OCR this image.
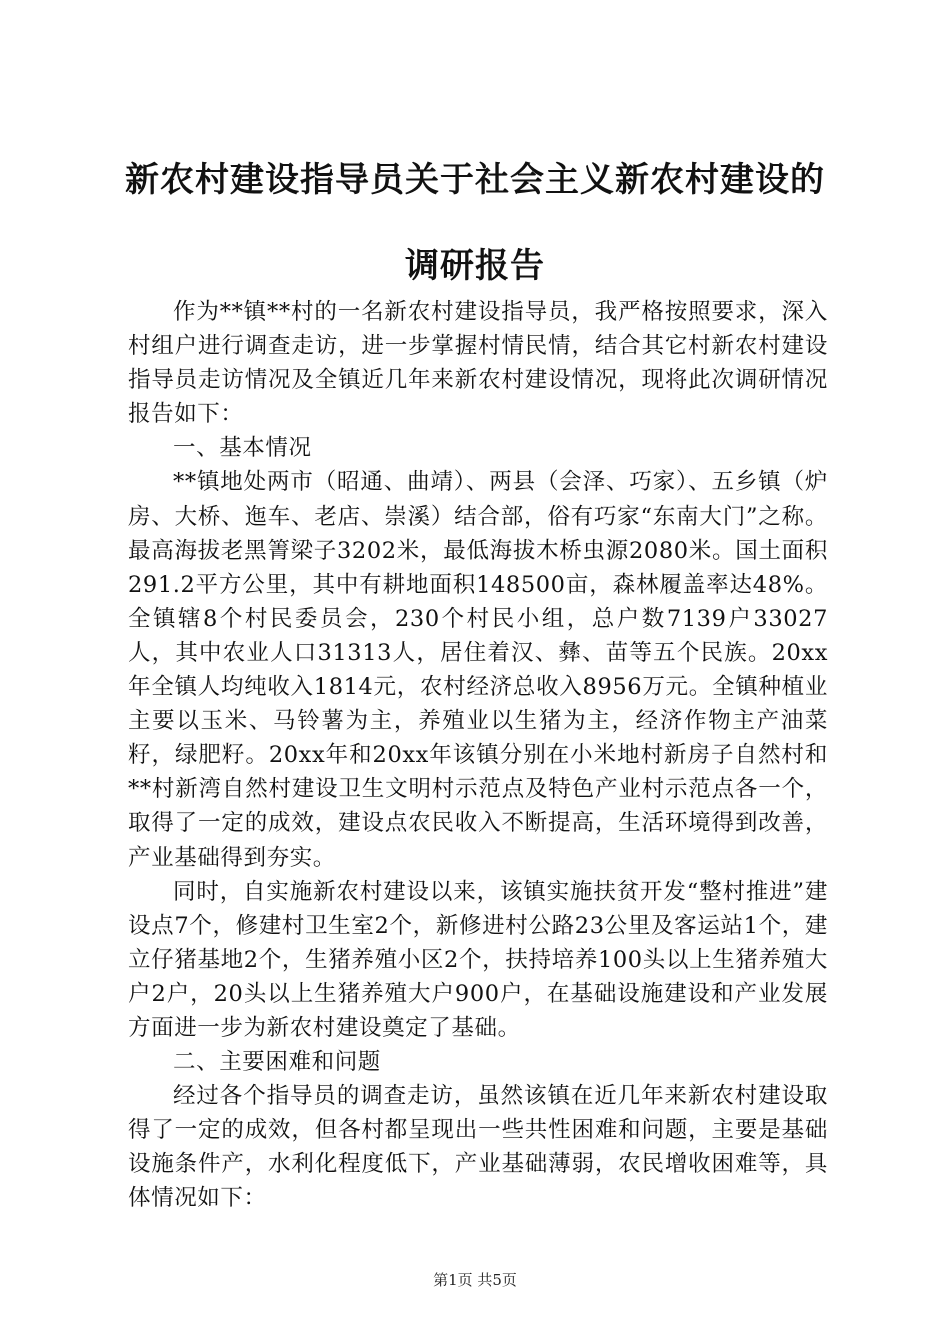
新农村建设指导员关于社会主义新农村建设的
调研报告

作为**镇**村的一名新农村建设指导员，我严格按照要求，深入村组户进行调查走访，进一步掌握村情民情，结合其它村新农村建设指导员走访情况及全镇近几年来新农村建设情况，现将此次调研情况报告如下：

一、基本情况

**镇地处两市（昭通、曲靖）、两县（会泽、巧家）、五乡镇（炉房、大桥、迤车、老店、崇溪）结合部，俗有巧家“东南大门”之称。最高海拔老黑箐梁子3202米，最低海拔木桥虫源2080米。国土面积291.2平方公里，其中有耕地面积148500亩，森林履盖率达48%。全镇辖8个村民委员会，230个村民小组，总户数7139户33027人，其中农业人口31313人，居住着汉、彝、苗等五个民族。20xx年全镇人均纯收入1814元，农村经济总收入8956万元。全镇种植业主要以玉米、马铃薯为主，养殖业以生猪为主，经济作物主产油菜籽，绿肥籽。20xx年和20xx年该镇分别在小米地村新房子自然村和**村新湾自然村建设卫生文明村示范点及特色产业村示范点各一个，取得了一定的成效，建设点农民收入不断提高，生活环境得到改善，产业基础得到夯实。

同时，自实施新农村建设以来，该镇实施扶贫开发“整村推进”建设点7个，修建村卫生室2个，新修进村公路23公里及客运站1个，建立仔猪基地2个，生猪养殖小区2个，扶持培养100头以上生猪养殖大户2户，20头以上生猪养殖大户900户，在基础设施建设和产业发展方面进一步为新农村建设奠定了基础。

二、主要困难和问题

经过各个指导员的调查走访，虽然该镇在近几年来新农村建设取得了一定的成效，但各村都呈现出一些共性困难和问题，主要是基础设施条件产，水利化程度低下，产业基础薄弱，农民增收困难等，具体情况如下：

第1页 共5页
